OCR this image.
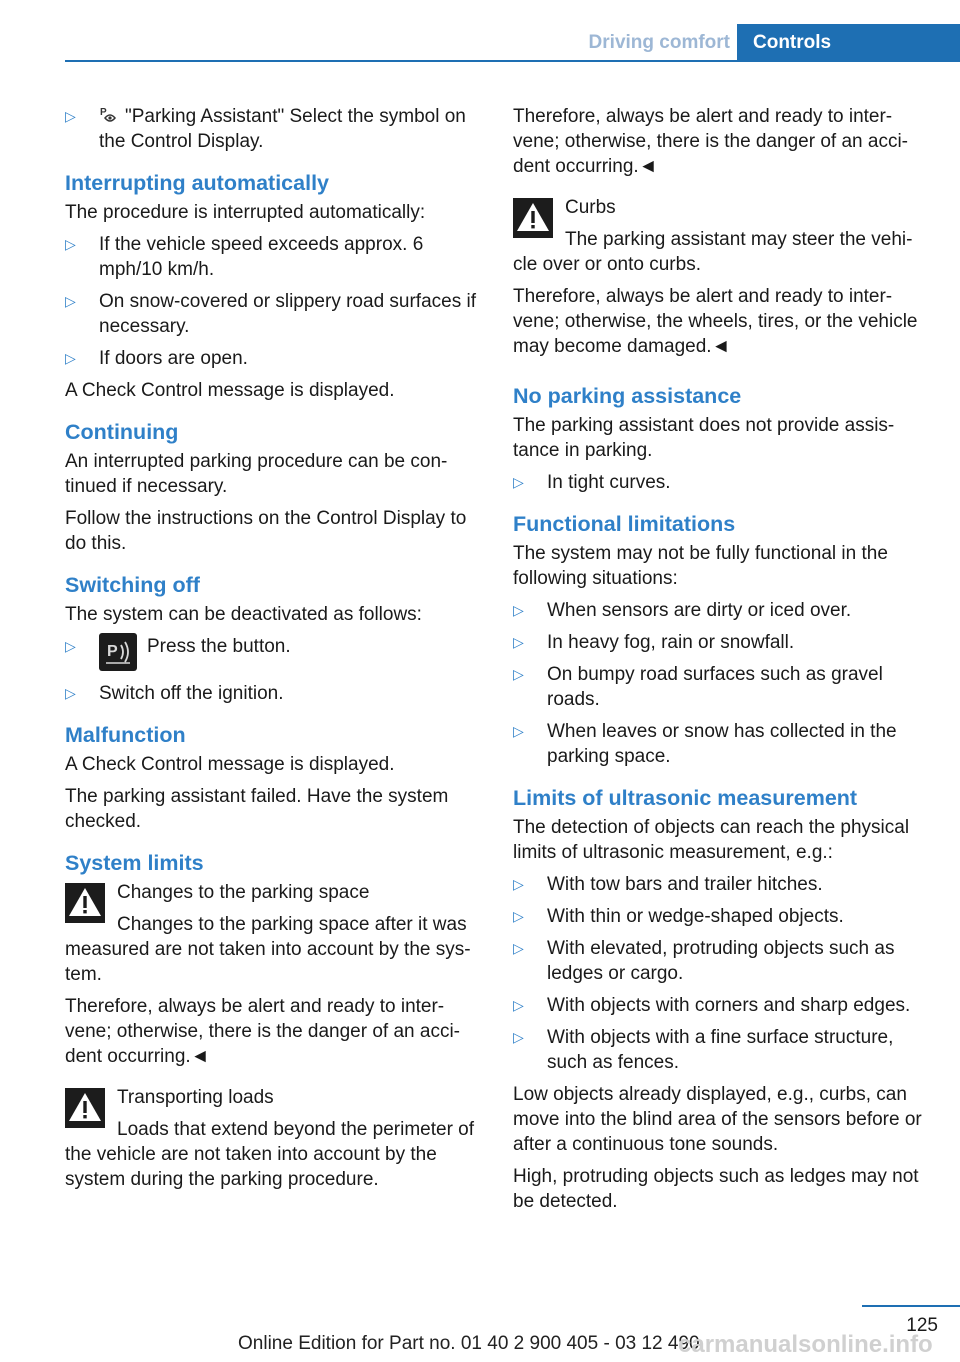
Driving comfort	Controls
▷ P "Parking Assistant" Select the symbol on the Control Display.
Interrupting automatically

The procedure is interrupted automatically:

▷ If the vehicle speed exceeds approx. 6 mph/10 km/h.
▷ On snow-covered or slippery road surfaces if necessary.
▷ If doors are open.

A Check Control message is displayed.

Continuing

An interrupted parking procedure can be con‐tinued if necessary.

Follow the instructions on the Control Display to do this.

Switching off

The system can be deactivated as follows:

▷ P Press the button.
▷ Switch off the ignition.
Malfunction

A Check Control message is displayed.

The parking assistant failed. Have the system checked.

System limits
Changes to the parking space

Changes to the parking space after it was measured are not taken into account by the sys‐tem.

Therefore, always be alert and ready to inter‐vene; otherwise, there is the danger of an acci‐dent occurring.◄

Transporting loads

Loads that extend beyond the perimeter of the vehicle are not taken into account by the system during the parking procedure.

Therefore, always be alert and ready to inter‐vene; otherwise, there is the danger of an acci‐dent occurring.◄

Curbs

The parking assistant may steer the vehi‐cle over or onto curbs.

Therefore, always be alert and ready to inter‐vene; otherwise, the wheels, tires, or the vehicle may become damaged.◄

No parking assistance

The parking assistant does not provide assis‐tance in parking.

▷ In tight curves.
Functional limitations

The system may not be fully functional in the following situations:

▷ When sensors are dirty or iced over.
▷ In heavy fog, rain or snowfall.
▷ On bumpy road surfaces such as gravel roads.
▷ When leaves or snow has collected in the parking space.
Limits of ultrasonic measurement

The detection of objects can reach the physical limits of ultrasonic measurement, e.g.:

▷ With tow bars and trailer hitches.
▷ With thin or wedge-shaped objects.
▷ With elevated, protruding objects such as ledges or cargo.
▷ With objects with corners and sharp edges.
▷ With objects with a fine surface structure, such as fences.

Low objects already displayed, e.g., curbs, can move into the blind area of the sensors before or after a continuous tone sounds.

High, protruding objects such as ledges may not be detected.

125
Online Edition for Part no. 01 40 2 900 405 - 03 12 490
carmanualsonline.info
